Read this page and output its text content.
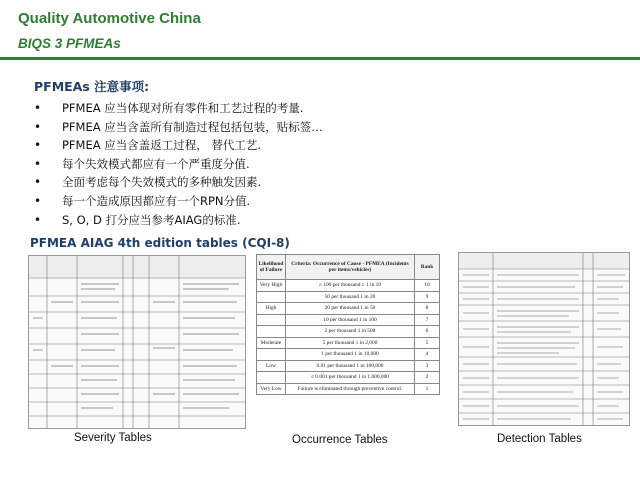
Quality Automotive China
BIQS 3 PFMEAs
PFMEAs 注意事项:
• PFMEA 应当体现对所有零件和工艺过程的考量.
• PFMEA 应当含盖所有制造过程包括包装，贴标签…
• PFMEA 应当含盖返工过程， 替代工艺.
• 每个失效模式都应有一个严重度分值.
• 全面考虑每个失效模式的多种触发因素.
• 每一个造成原因都应有一个RPN分值.
• S, O, D 打分应当参考AIAG的标准.
PFMEA AIAG 4th edition tables (CQI-8)
Severity Tables
Likelihood of Failure	Criteria: Occurrence of Cause - PFMEA (Incidents per items/vehicles)	Rank
Very High	≥ 100 per thousand ≥ 1 in 10	10
	50 per thousand 1 in 20	9
High	20 per thousand 1 in 50	8
	10 per thousand 1 in 100	7
	2 per thousand 1 in 500	6
Moderate	5 per thousand 1 in 2,000	5
	1 per thousand 1 in 10,000	4
Low	0.01 per thousand 1 in 100,000	3
	≤ 0.001 per thousand 1 in 1,000,000	2
Very Low	Failure is eliminated through preventive control.	1
Occurrence Tables	Detection Tables
